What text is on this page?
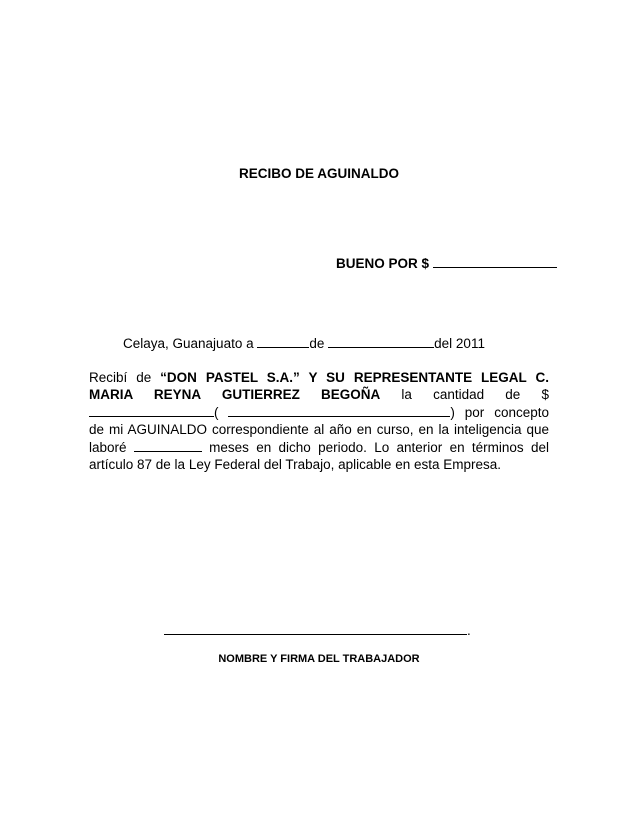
RECIBO DE AGUINALDO
BUENO POR $
Celaya, Guanajuato a	de	del 2011
Recibí de “DON PASTEL S.A.” Y SU REPRESENTANTE LEGAL C. MARIA REYNA GUTIERREZ BEGOÑA la cantidad de $ (	) por concepto de mi AGUINALDO correspondiente al año en curso, en la inteligencia que laboré	meses en dicho periodo. Lo anterior en términos del artículo 87 de la Ley Federal del Trabajo, aplicable en esta Empresa.
.
NOMBRE Y FIRMA DEL TRABAJADOR
